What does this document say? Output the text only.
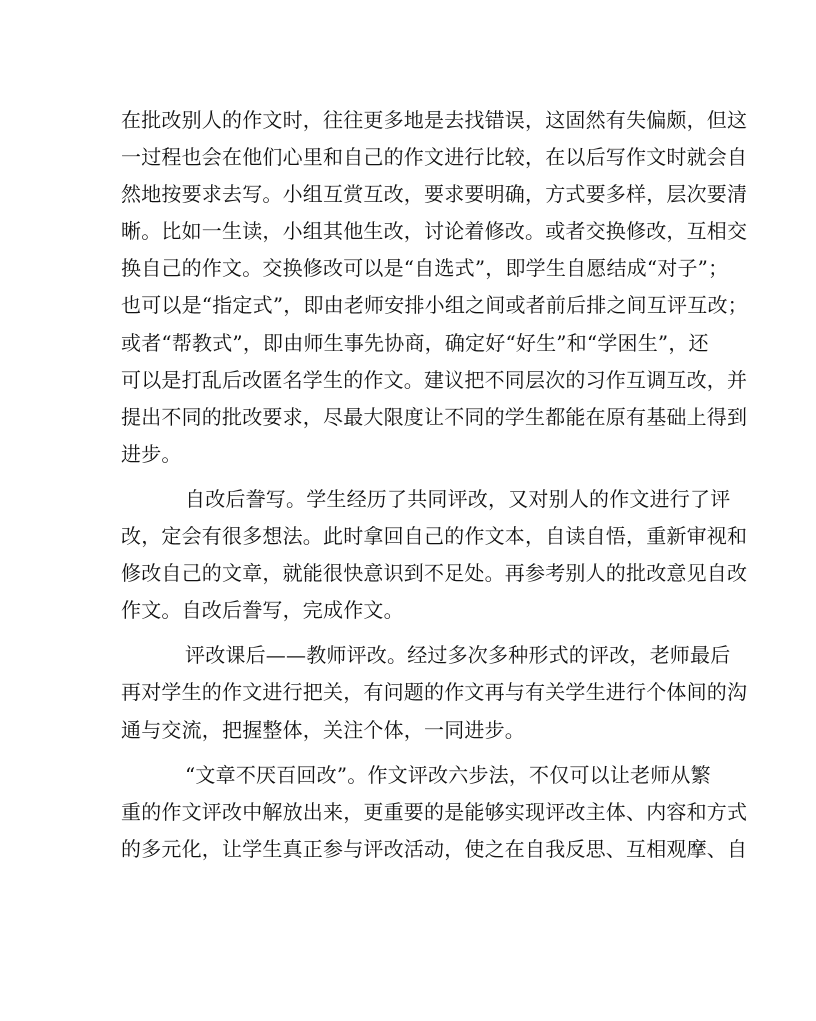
在批改别人的作文时，往往更多地是去找错误，这固然有失偏颇，但这
一过程也会在他们心里和自己的作文进行比较，在以后写作文时就会自
然地按要求去写。小组互赏互改，要求要明确，方式要多样，层次要清
晰。比如一生读，小组其他生改，讨论着修改。或者交换修改，互相交
换自己的作文。交换修改可以是“自选式”，即学生自愿结成“对子”；
也可以是“指定式”，即由老师安排小组之间或者前后排之间互评互改；
或者“帮教式”，即由师生事先协商，确定好“好生”和“学困生”，还
可以是打乱后改匿名学生的作文。建议把不同层次的习作互调互改，并
提出不同的批改要求，尽最大限度让不同的学生都能在原有基础上得到
进步。
自改后誊写。学生经历了共同评改，又对别人的作文进行了评
改，定会有很多想法。此时拿回自己的作文本，自读自悟，重新审视和
修改自己的文章，就能很快意识到不足处。再参考别人的批改意见自改
作文。自改后誊写，完成作文。
评改课后——教师评改。经过多次多种形式的评改，老师最后
再对学生的作文进行把关，有问题的作文再与有关学生进行个体间的沟
通与交流，把握整体，关注个体，一同进步。
“文章不厌百回改”。作文评改六步法，不仅可以让老师从繁
重的作文评改中解放出来，更重要的是能够实现评改主体、内容和方式
的多元化，让学生真正参与评改活动，使之在自我反思、互相观摩、自
